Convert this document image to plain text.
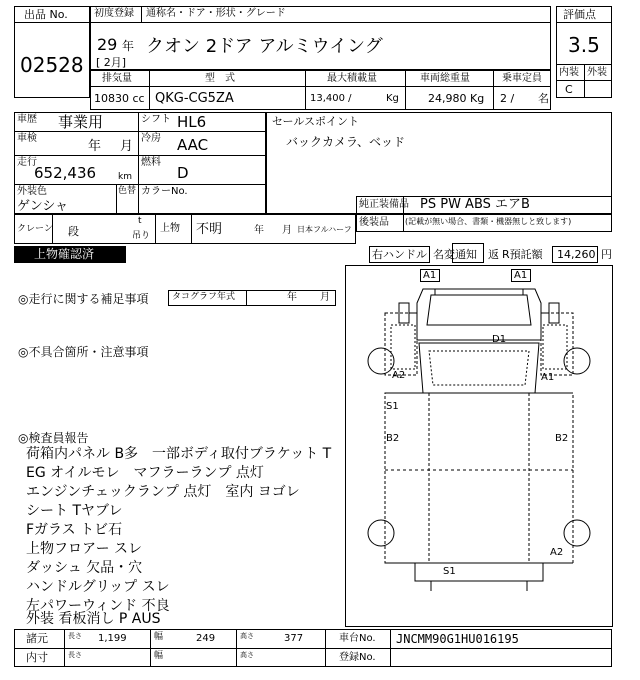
出品 No.
02528
初度登録 通称名・ドア・形状・グレード
29 年
[ 2月]
クオン 2ドア アルミウイング
評価点
3.5
内装 外装
C
排気量	型　式	最大積載量	車両総重量	乗車定員
10830 cc QKG-CG5ZA	13,400 /	Kg	24,980 Kg 2 / 名
車歴 事業用	シフト HL6
車検
年 月
冷房 AAC
走行
652,436 km
燃料
D
外装色
ゲンシャ
色替 カラーNo.
セールスポイント
バックカメラ、ベッド
純正装備品 PS PW ABS エアB
後装品 (記載が無い場合、書類・機器無しと致します)
クレーン 段
t
吊り
上物 不明	年 月 日本フルハーフ
上物確認済	右ハンドル 名変通知 返 R預託額 14,260 円
◎走行に関する補足事項	タコグラフ年式	年 月
◎不具合箇所・注意事項
◎検査員報告
荷箱内パネル B多　一部ボディ取付ブラケット T
EG オイルモレ　マフラーランプ 点灯
エンジンチェックランプ 点灯　室内 ヨゴレ
シート Tヤブレ
Fガラス トビ石
上物フロアー スレ
ダッシュ 欠品・穴
ハンドルグリップ スレ
左パワーウィンド 不良
外装 看板消し P AUS
A1	A1
D1
A2	A1
S1
B2	B2
A2
S1
諸元	長さ 1,199	幅	249	高さ	377	車台No. JNCMM90G1HU016195
内寸	長さ	幅	高さ	登録No.
